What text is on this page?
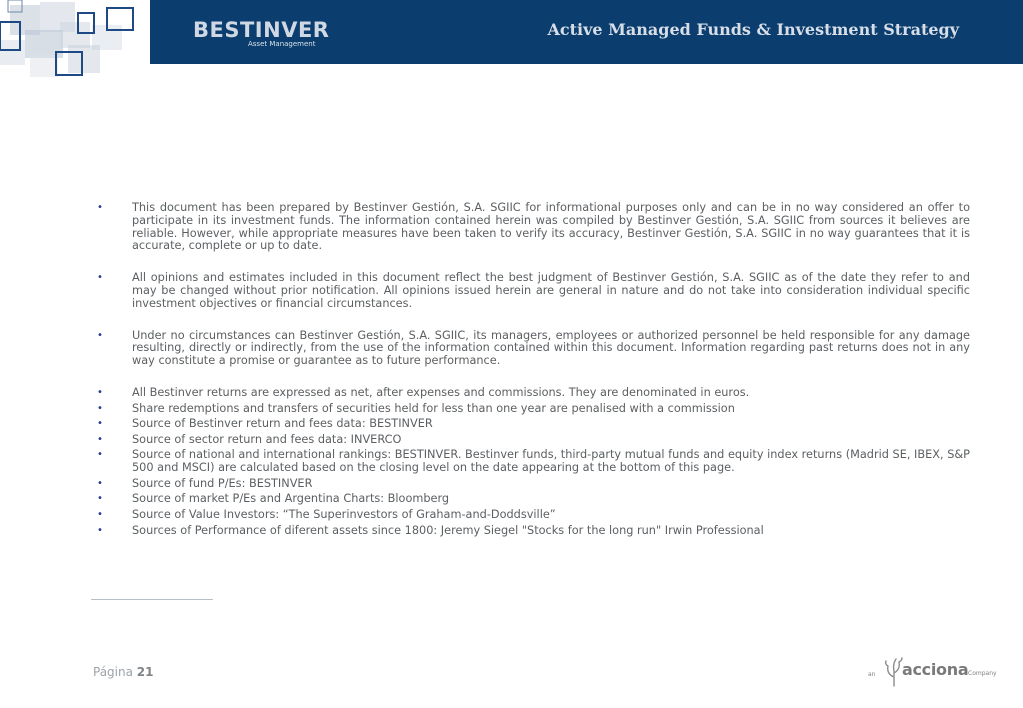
BESTINVER
Asset Management
Active Managed Funds & Investment Strategy
•	This document has been prepared by Bestinver Gestión, S.A. SGIIC for informational purposes only and can be in no way considered an offer to participate in its investment funds. The information contained herein was compiled by Bestinver Gestión, S.A. SGIIC from sources it believes are reliable. However, while appropriate measures have been taken to verify its accuracy, Bestinver Gestión, S.A. SGIIC in no way guarantees that it is accurate, complete or up to date.
•	All opinions and estimates included in this document reflect the best judgment of Bestinver Gestión, S.A. SGIIC as of the date they refer to and may be changed without prior notification. All opinions issued herein are general in nature and do not take into consideration individual specific investment objectives or financial circumstances.
•	Under no circumstances can Bestinver Gestión, S.A. SGIIC, its managers, employees or authorized personnel be held responsible for any damage resulting, directly or indirectly, from the use of the information contained within this document. Information regarding past returns does not in any way constitute a promise or guarantee as to future performance.
•	All Bestinver returns are expressed as net, after expenses and commissions. They are denominated in euros.
•	Share redemptions and transfers of securities held for less than one year are penalised with a commission
•	Source of Bestinver return and fees data: BESTINVER
•	Source of sector return and fees data: INVERCO
•	Source of national and international rankings: BESTINVER. Bestinver funds, third-party mutual funds and equity index returns (Madrid SE, IBEX, S&P 500 and MSCI) are calculated based on the closing level on the date appearing at the bottom of this page.
•	Source of fund P/Es: BESTINVER
•	Source of market P/Es and Argentina Charts: Bloomberg
•	Source of Value Investors: “The Superinvestors of Graham-and-Doddsville”
•	Sources of Performance of diferent assets since 1800: Jeremy Siegel "Stocks for the long run" Irwin Professional
Página 21	an acciona Company
